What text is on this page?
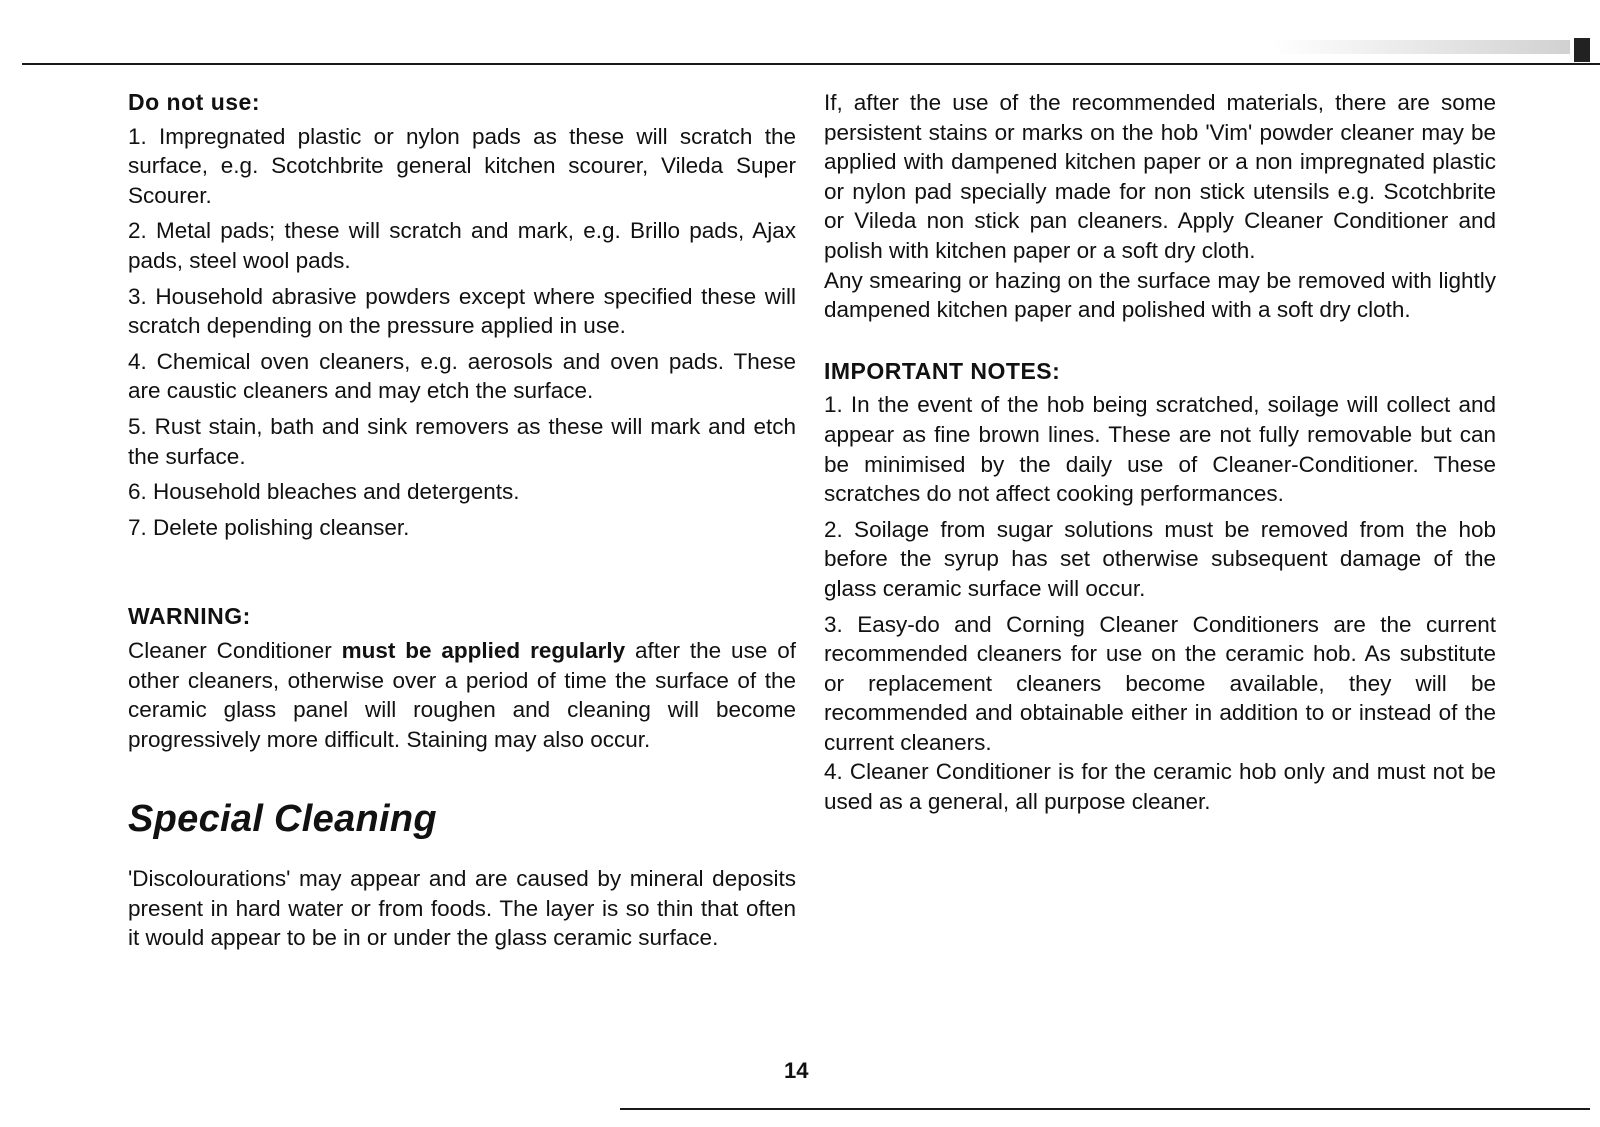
Do not use:
1. Impregnated plastic or nylon pads as these will scratch the surface, e.g. Scotchbrite general kitchen scourer, Vileda Super Scourer.
2. Metal pads; these will scratch and mark, e.g. Brillo pads, Ajax pads, steel wool pads.
3. Household abrasive powders except where specified these will scratch depending on the pressure applied in use.
4. Chemical oven cleaners, e.g. aerosols and oven pads. These are caustic cleaners and may etch the surface.
5. Rust stain, bath and sink removers as these will mark and etch the surface.
6. Household bleaches and detergents.
7. Delete polishing cleanser.
WARNING:
Cleaner Conditioner must be applied regularly after the use of other cleaners, otherwise over a period of time the surface of the ceramic glass panel will roughen and cleaning will become progressively more difficult. Staining may also occur.
Special Cleaning
'Discolourations' may appear and are caused by mineral deposits present in hard water or from foods. The layer is so thin that often it would appear to be in or under the glass ceramic surface.
If, after the use of the recommended materials, there are some persistent stains or marks on the hob 'Vim' powder cleaner may be applied with dampened kitchen paper or a non impregnated plastic or nylon pad specially made for non stick utensils e.g. Scotchbrite or Vileda non stick pan cleaners. Apply Cleaner Conditioner and polish with kitchen paper or a soft dry cloth.
Any smearing or hazing on the surface may be removed with lightly dampened kitchen paper and polished with a soft dry cloth.
IMPORTANT NOTES:
1. In the event of the hob being scratched, soilage will collect and appear as fine brown lines. These are not fully removable but can be minimised by the daily use of Cleaner-Conditioner. These scratches do not affect cooking performances.
2. Soilage from sugar solutions must be removed from the hob before the syrup has set otherwise subsequent damage of the glass ceramic surface will occur.
3. Easy-do and Corning Cleaner Conditioners are the current recommended cleaners for use on the ceramic hob. As substitute or replacement cleaners become available, they will be recommended and obtainable either in addition to or instead of the current cleaners.
4. Cleaner Conditioner is for the ceramic hob only and must not be used as a general, all purpose cleaner.
14
